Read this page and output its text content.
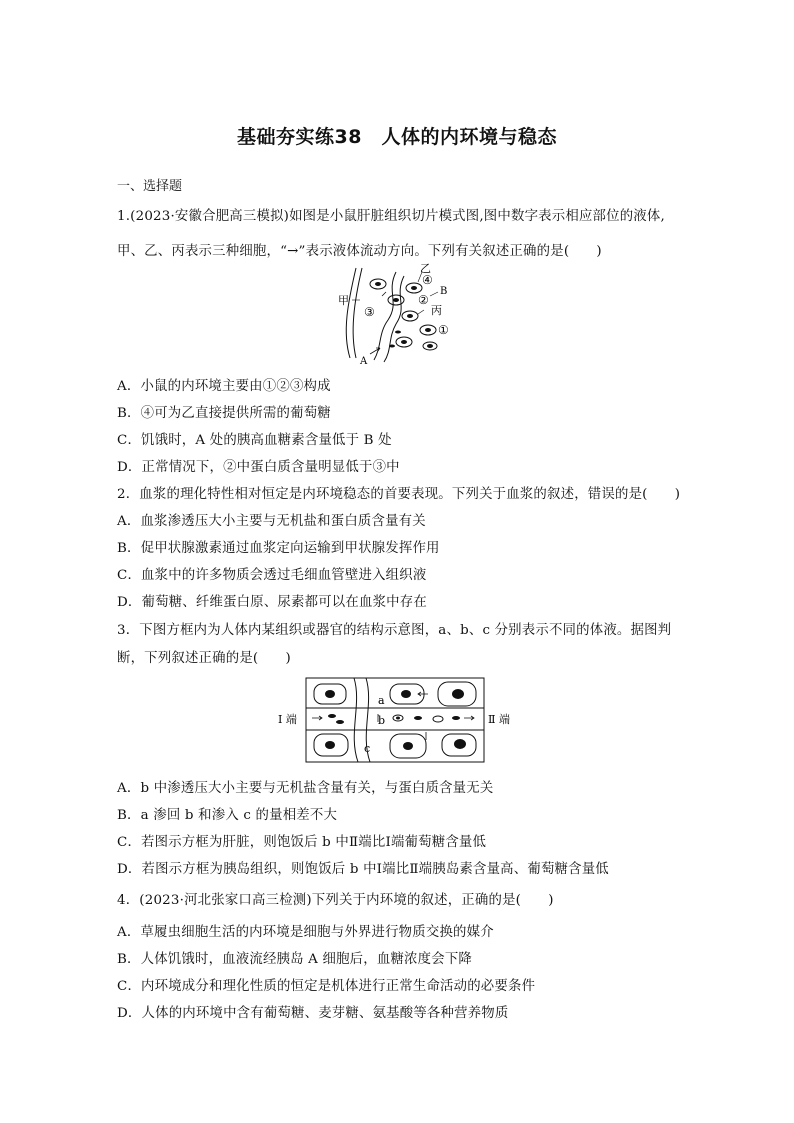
基础夯实练38　人体的内环境与稳态
一、选择题
1.(2023·安徽合肥高三模拟)如图是小鼠肝脏组织切片模式图,图中数字表示相应部位的液体,
甲、乙、丙表示三种细胞，“→”表示液体流动方向。下列有关叙述正确的是(　　)
甲
乙
丙
④
②
③
①
A
B
A．小鼠的内环境主要由①②③构成
B．④可为乙直接提供所需的葡萄糖
C．饥饿时，A 处的胰高血糖素含量低于 B 处
D．正常情况下，②中蛋白质含量明显低于③中
2．血浆的理化特性相对恒定是内环境稳态的首要表现。下列关于血浆的叙述，错误的是(　　)
A．血浆渗透压大小主要与无机盐和蛋白质含量有关
B．促甲状腺激素通过血浆定向运输到甲状腺发挥作用
C．血浆中的许多物质会透过毛细血管壁进入组织液
D．葡萄糖、纤维蛋白原、尿素都可以在血浆中存在
3．下图方框内为人体内某组织或器官的结构示意图，a、b、c 分别表示不同的体液。据图判
断，下列叙述正确的是(　　)
Ⅰ 端	Ⅱ 端
a
b
c
A．b 中渗透压大小主要与无机盐含量有关，与蛋白质含量无关
B．a 渗回 b 和渗入 c 的量相差不大
C．若图示方框为肝脏，则饱饭后 b 中Ⅱ端比Ⅰ端葡萄糖含量低
D．若图示方框为胰岛组织，则饱饭后 b 中Ⅰ端比Ⅱ端胰岛素含量高、葡萄糖含量低
4．(2023·河北张家口高三检测)下列关于内环境的叙述，正确的是(　　)
A．草履虫细胞生活的内环境是细胞与外界进行物质交换的媒介
B．人体饥饿时，血液流经胰岛 A 细胞后，血糖浓度会下降
C．内环境成分和理化性质的恒定是机体进行正常生命活动的必要条件
D．人体的内环境中含有葡萄糖、麦芽糖、氨基酸等各种营养物质
